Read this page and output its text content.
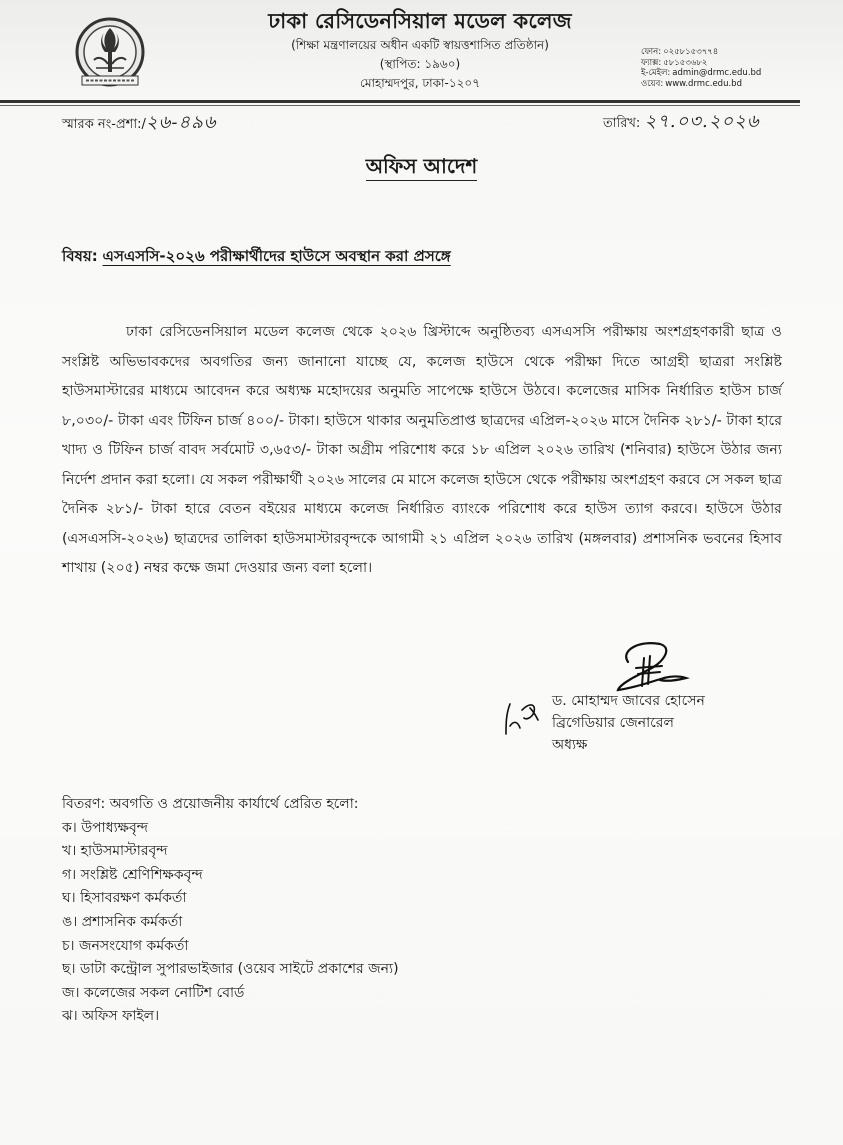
ঢাকা রেসিডেনসিয়াল মডেল কলেজ

(শিক্ষা মন্ত্রণালয়ের অধীন একটি স্বায়ত্তশাসিত প্রতিষ্ঠান)

(স্থাপিত: ১৯৬০)

মোহাম্মদপুর, ঢাকা-১২০৭

ফোন: ০২৫৮১৫৩৭৭৪
ফ্যাক্স: ৫৮১৫৩৬৮২
ই-মেইল: admin@drmc.edu.bd
ওয়েব: www.drmc.edu.bd
স্মারক নং-প্রশা:/২৬-৪৯৬	তারিখ: ২৭.০৩.২০২৬
অফিস আদেশ
বিষয়: এসএসসি-২০২৬ পরীক্ষার্থীদের হাউসে অবস্থান করা প্রসঙ্গে

ঢাকা রেসিডেনসিয়াল মডেল কলেজ থেকে ২০২৬ খ্রিস্টাব্দে অনুষ্ঠিতব্য এসএসসি পরীক্ষায় অংশগ্রহণকারী ছাত্র ও সংশ্লিষ্ট অভিভাবকদের অবগতির জন্য জানানো যাচ্ছে যে, কলেজ হাউসে থেকে পরীক্ষা দিতে আগ্রহী ছাত্ররা সংশ্লিষ্ট হাউসমাস্টারের মাধ্যমে আবেদন করে অধ্যক্ষ মহোদয়ের অনুমতি সাপেক্ষে হাউসে উঠবে। কলেজের মাসিক নির্ধারিত হাউস চার্জ ৮,০৩০/- টাকা এবং টিফিন চার্জ ৪০০/- টাকা। হাউসে থাকার অনুমতিপ্রাপ্ত ছাত্রদের এপ্রিল-২০২৬ মাসে দৈনিক ২৮১/- টাকা হারে খাদ্য ও টিফিন চার্জ বাবদ সর্বমোট ৩,৬৫৩/- টাকা অগ্রীম পরিশোধ করে ১৮ এপ্রিল ২০২৬ তারিখ (শনিবার) হাউসে উঠার জন্য নির্দেশ প্রদান করা হলো। যে সকল পরীক্ষার্থী ২০২৬ সালের মে মাসে কলেজ হাউসে থেকে পরীক্ষায় অংশগ্রহণ করবে সে সকল ছাত্র দৈনিক ২৮১/- টাকা হারে বেতন বইয়ের মাধ্যমে কলেজ নির্ধারিত ব্যাংকে পরিশোধ করে হাউস ত্যাগ করবে। হাউসে উঠার (এসএসসি-২০২৬) ছাত্রদের তালিকা হাউসমাস্টারবৃন্দকে আগামী ২১ এপ্রিল ২০২৬ তারিখ (মঙ্গলবার) প্রশাসনিক ভবনের হিসাব শাখায় (২০৫) নম্বর কক্ষে জমা দেওয়ার জন্য বলা হলো।

ড. মোহাম্মদ জাবের হোসেন
ব্রিগেডিয়ার জেনারেল
অধ্যক্ষ

বিতরণ: অবগতি ও প্রয়োজনীয় কার্যার্থে প্রেরিত হলো:

ক। উপাধ্যক্ষবৃন্দ
খ। হাউসমাস্টারবৃন্দ
গ। সংশ্লিষ্ট শ্রেণিশিক্ষকবৃন্দ
ঘ। হিসাবরক্ষণ কর্মকর্তা
ঙ। প্রশাসনিক কর্মকর্তা
চ। জনসংযোগ কর্মকর্তা
ছ। ডাটা কন্ট্রোল সুপারভাইজার (ওয়েব সাইটে প্রকাশের জন্য)
জ। কলেজের সকল নোটিশ বোর্ড
ঝ। অফিস ফাইল।
